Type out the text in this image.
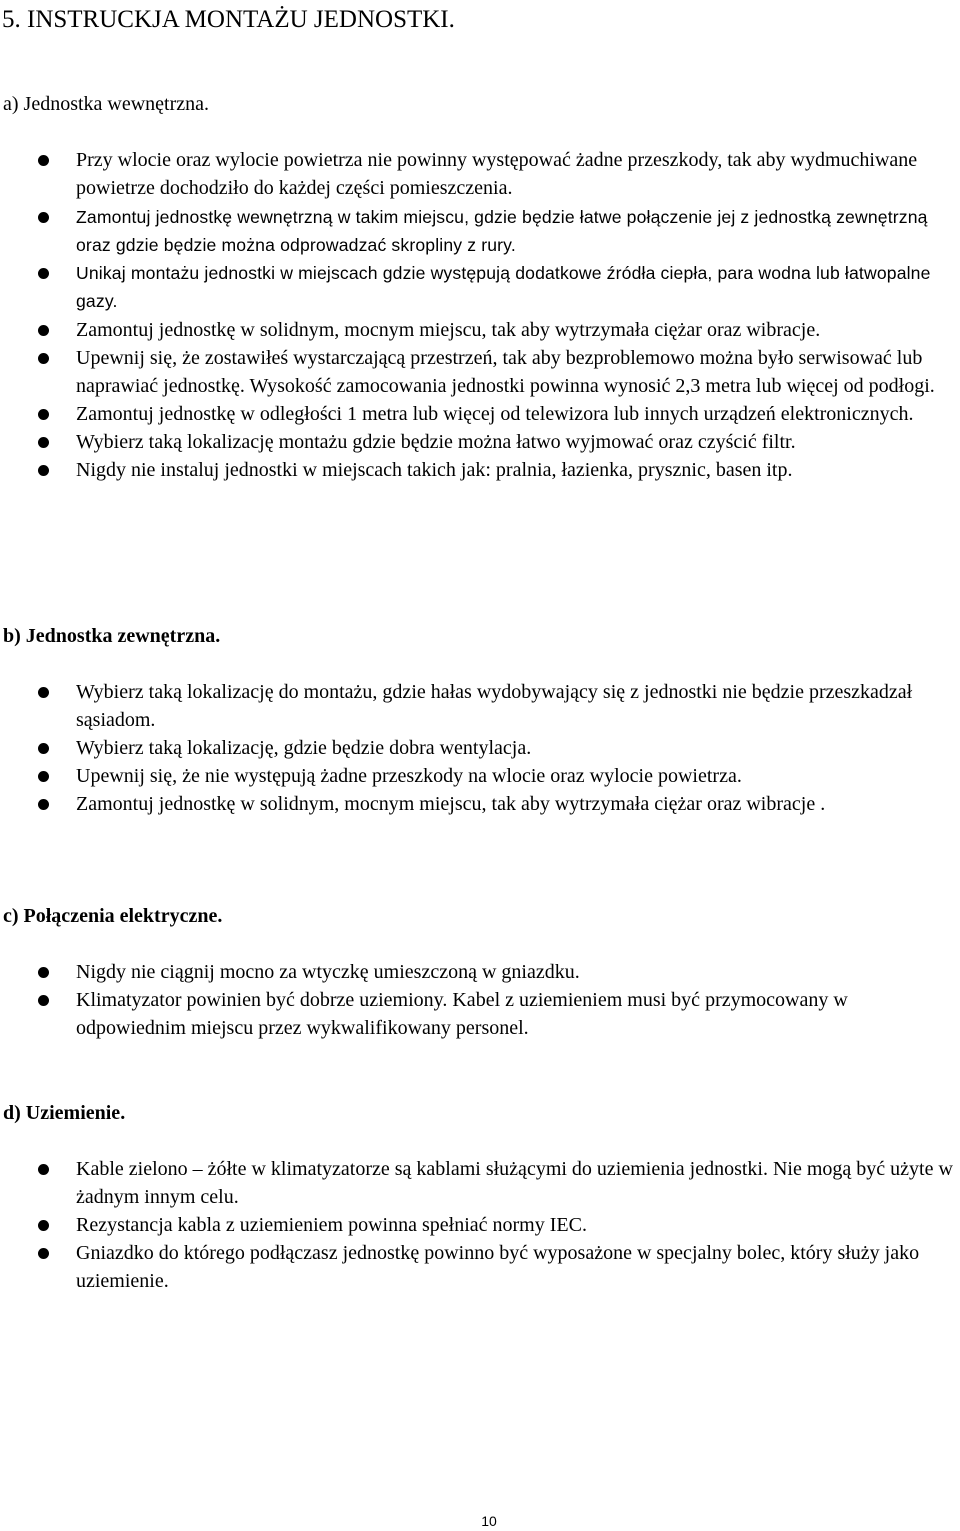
5. INSTRUCKJA MONTAŻU JEDNOSTKI.
a) Jednostka wewnętrzna.
Przy wlocie oraz wylocie powietrza nie powinny występować żadne przeszkody, tak aby wydmuchiwane powietrze dochodziło do każdej części pomieszczenia.
Zamontuj jednostkę wewnętrzną w takim miejscu, gdzie będzie łatwe połączenie jej z jednostką zewnętrzną oraz gdzie będzie można odprowadzać skropliny z rury.
Unikaj montażu jednostki w miejscach gdzie występują dodatkowe źródła ciepła, para wodna lub łatwopalne gazy.
Zamontuj jednostkę w solidnym, mocnym miejscu, tak aby wytrzymała ciężar oraz wibracje.
Upewnij się, że zostawiłeś wystarczającą przestrzeń, tak aby bezproblemowo można było serwisować lub naprawiać jednostkę. Wysokość zamocowania jednostki powinna wynosić 2,3 metra lub więcej od podłogi.
Zamontuj jednostkę w odległości 1 metra lub więcej od telewizora lub innych urządzeń elektronicznych.
Wybierz taką lokalizację montażu gdzie będzie można łatwo wyjmować oraz czyścić filtr.
Nigdy nie instaluj jednostki w miejscach takich jak: pralnia, łazienka, prysznic, basen itp.
b) Jednostka zewnętrzna.
Wybierz taką lokalizację do montażu, gdzie hałas wydobywający się z jednostki nie będzie przeszkadzał sąsiadom.
Wybierz taką lokalizację, gdzie będzie dobra wentylacja.
Upewnij się, że nie występują żadne przeszkody na wlocie oraz wylocie powietrza.
Zamontuj jednostkę w solidnym, mocnym miejscu, tak aby wytrzymała ciężar oraz wibracje .
c) Połączenia elektryczne.
Nigdy nie ciągnij mocno za wtyczkę umieszczoną w gniazdku.
Klimatyzator powinien być dobrze uziemiony. Kabel z uziemieniem musi być przymocowany w odpowiednim miejscu przez wykwalifikowany personel.
d) Uziemienie.
Kable zielono – żółte w klimatyzatorze są kablami służącymi do uziemienia jednostki. Nie mogą być użyte w żadnym innym celu.
Rezystancja kabla z uziemieniem powinna spełniać normy IEC.
Gniazdko do którego podłączasz jednostkę powinno być wyposażone w specjalny bolec, który służy jako uziemienie.
10
